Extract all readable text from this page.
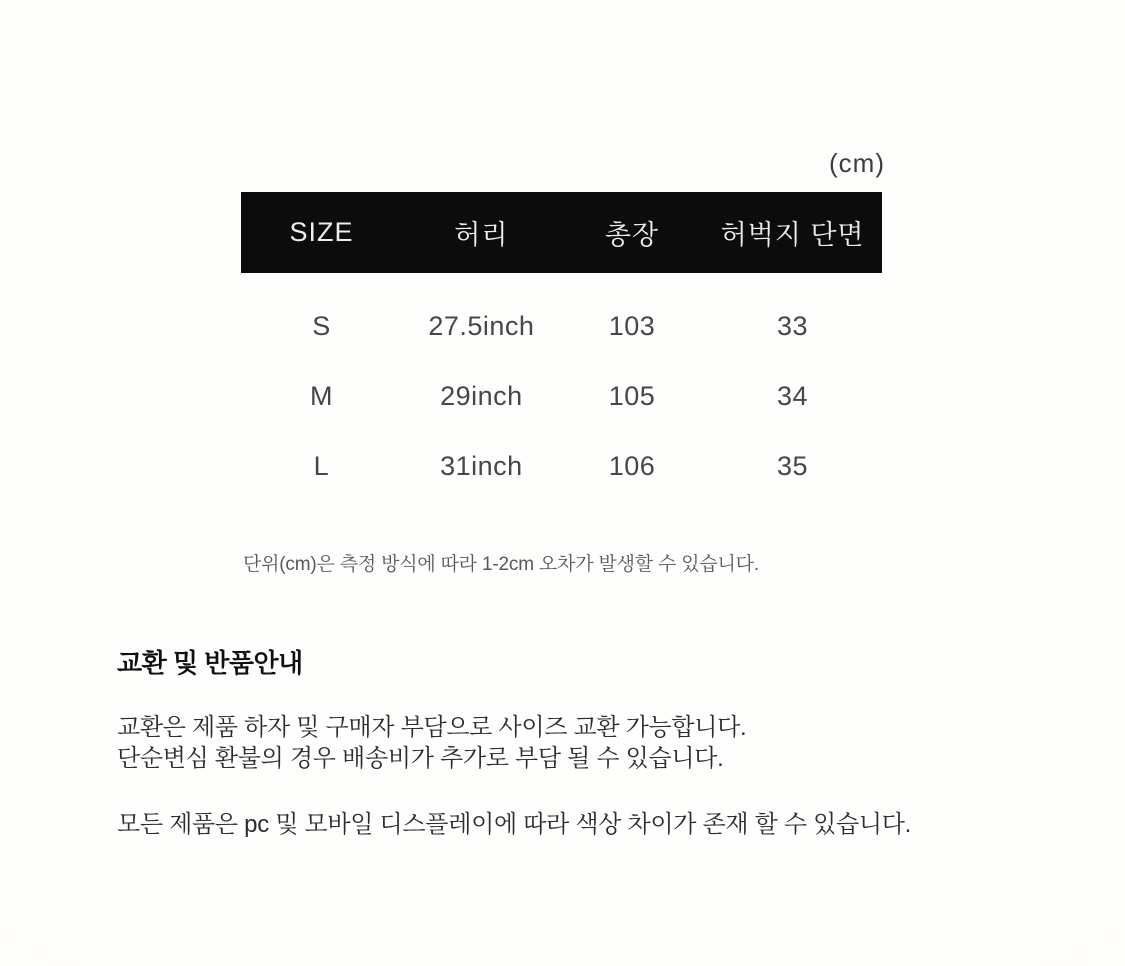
(cm)
SIZE	허리	총장	허벅지 단면
S	27.5inch	103	33
M	29inch	105	34
L	31inch	106	35
단위(cm)은 측정 방식에 따라 1-2cm 오차가 발생할 수 있습니다.
교환 및 반품안내
교환은 제품 하자 및 구매자 부담으로 사이즈 교환 가능합니다.
단순변심 환불의 경우 배송비가 추가로 부담 될 수 있습니다.
모든 제품은 pc 및 모바일 디스플레이에 따라 색상 차이가 존재 할 수 있습니다.
